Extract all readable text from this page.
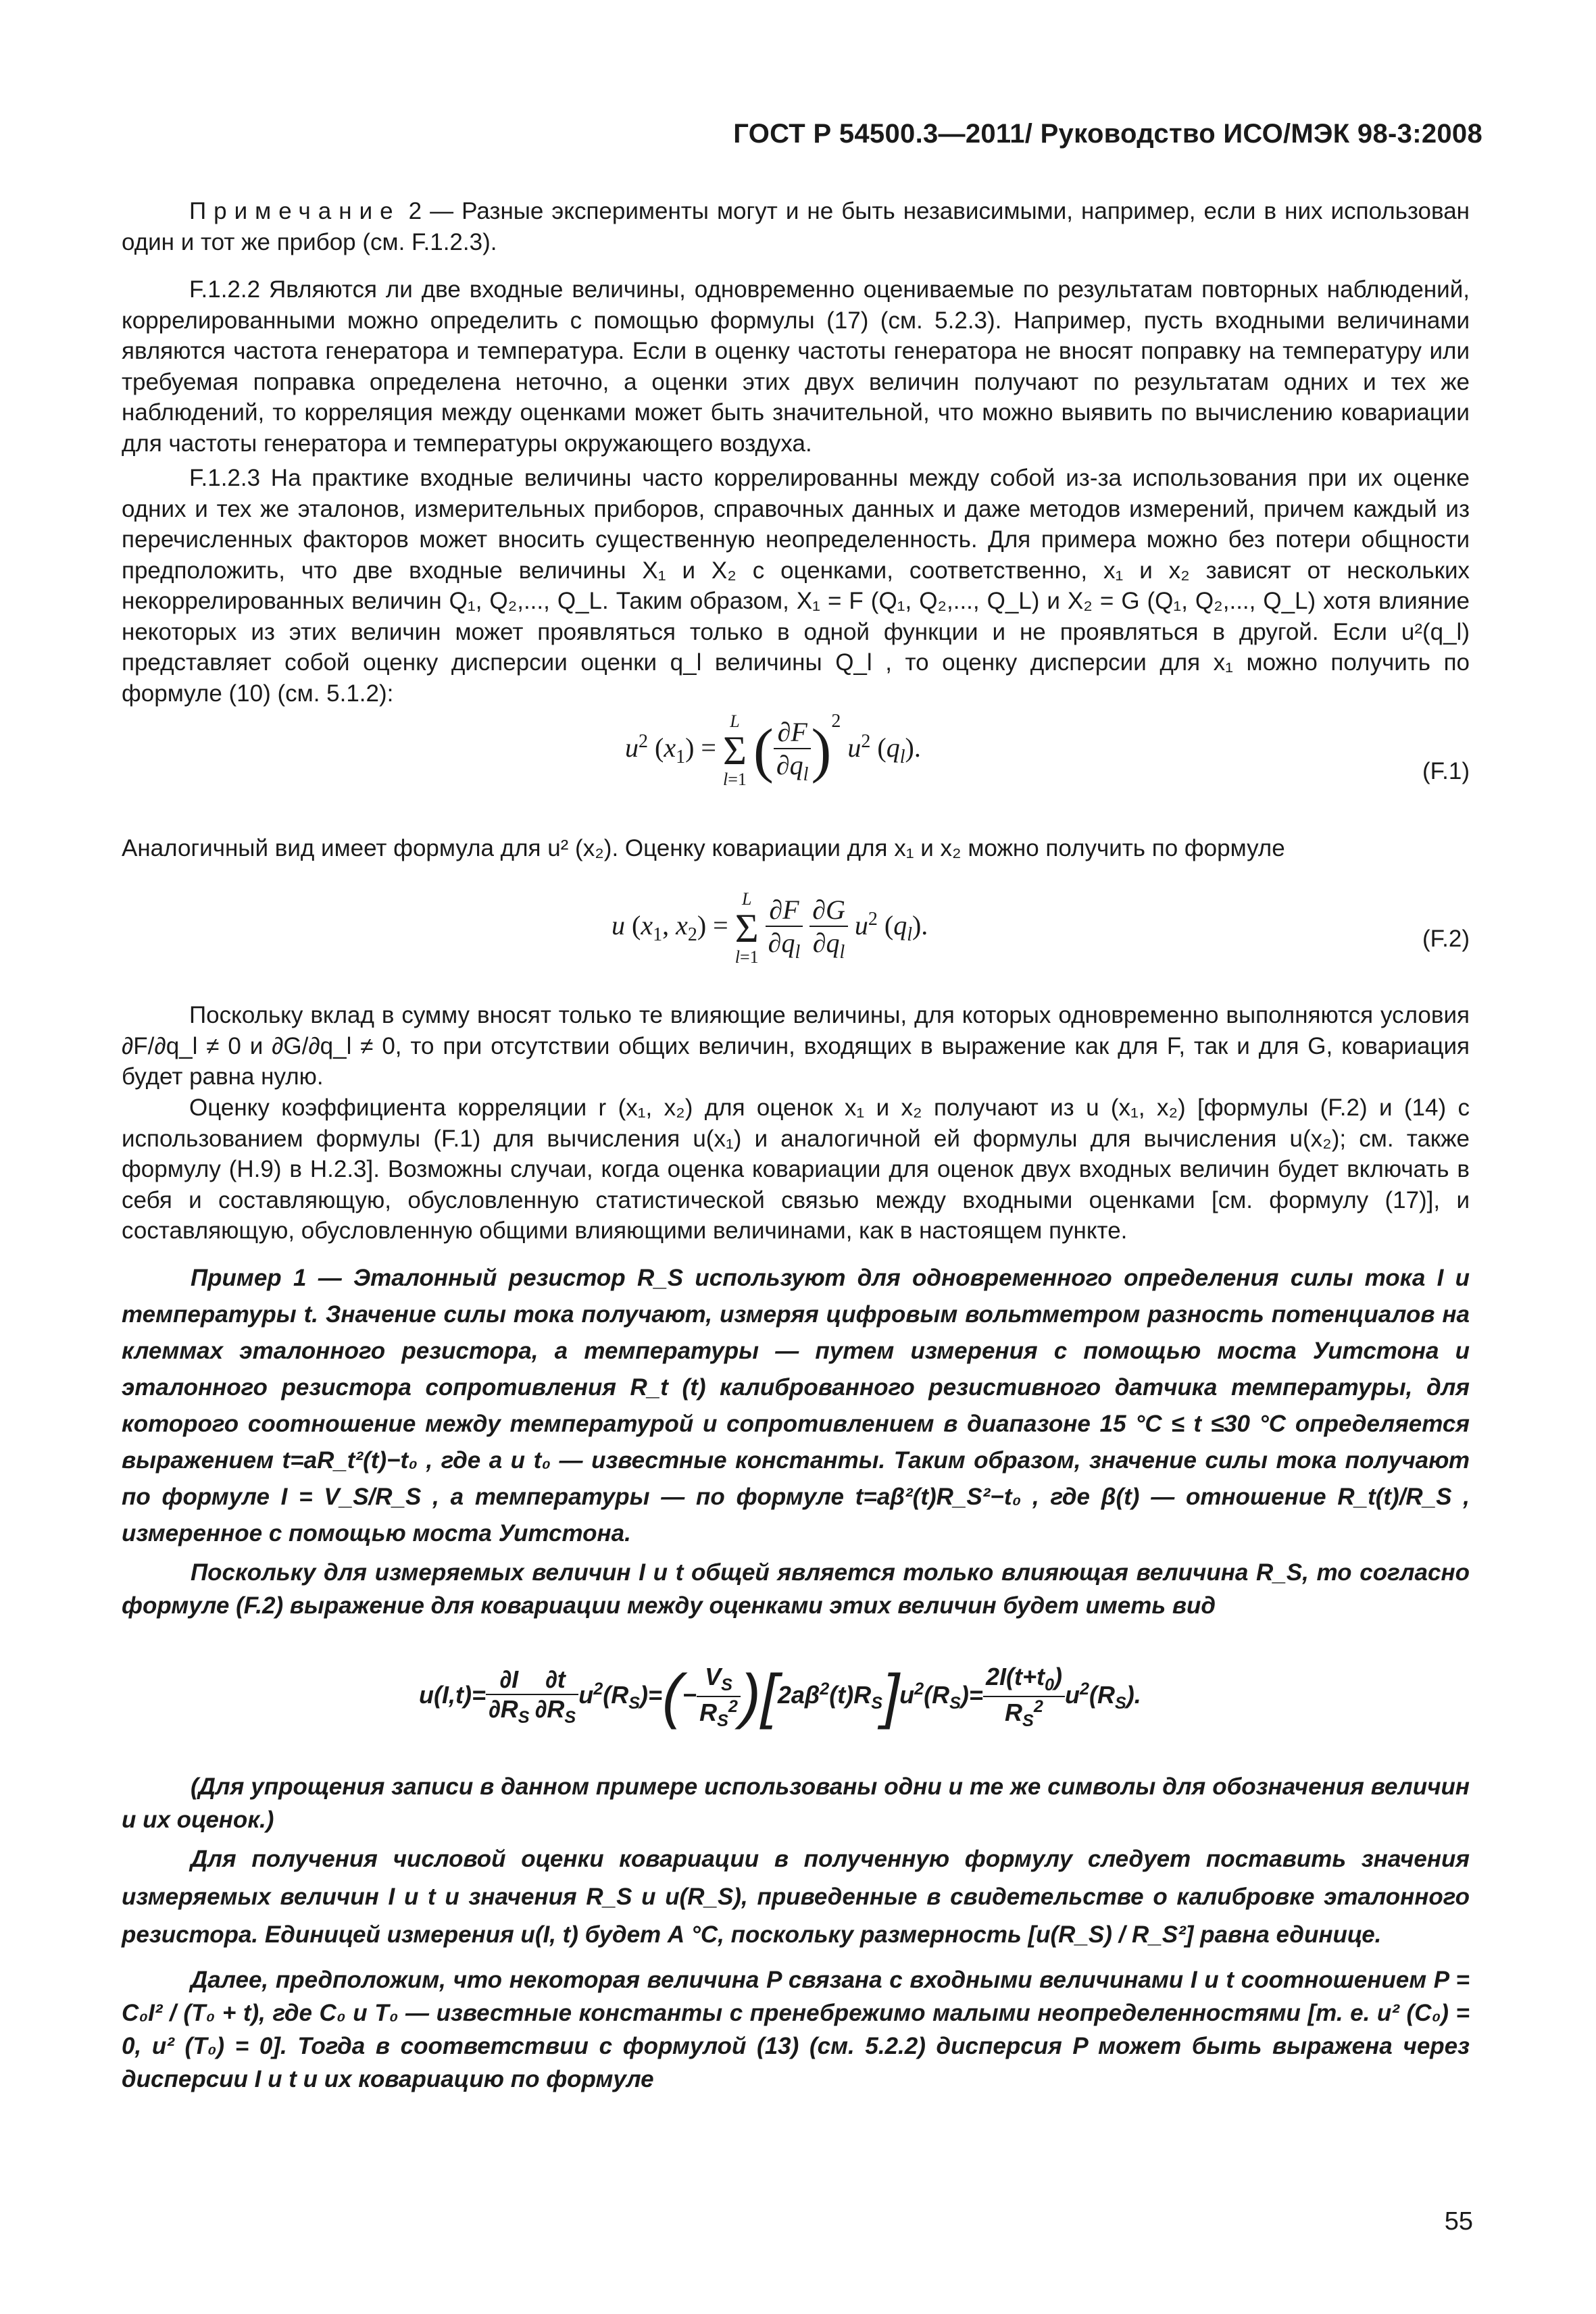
ГОСТ Р 54500.3—2011/ Руководство ИСО/МЭК 98-3:2008

Примечание 2 — Разные эксперименты могут и не быть независимыми, например, если в них использован один и тот же прибор (см. F.1.2.3).

F.1.2.2 Являются ли две входные величины, одновременно оцениваемые по результатам повторных наблюдений, коррелированными можно определить с помощью формулы (17) (см. 5.2.3). Например, пусть входными величинами являются частота генератора и температура. Если в оценку частоты генератора не вносят поправку на температуру или требуемая поправка определена неточно, а оценки этих двух величин получают по результатам одних и тех же наблюдений, то корреляция между оценками может быть значительной, что можно выявить по вычислению ковариации для частоты генератора и температуры окружающего воздуха.

F.1.2.3 На практике входные величины часто коррелированны между собой из-за использования при их оценке одних и тех же эталонов, измерительных приборов, справочных данных и даже методов измерений, причем каждый из перечисленных факторов может вносить существенную неопределенность. Для примера можно без потери общности предположить, что две входные величины X₁ и X₂ с оценками, соответственно, x₁ и x₂ зависят от нескольких некоррелированных величин Q₁, Q₂,..., Q_L. Таким образом, X₁ = F (Q₁, Q₂,..., Q_L) и X₂ = G (Q₁, Q₂,..., Q_L) хотя влияние некоторых из этих величин может проявляться только в одной функции и не проявляться в другой. Если u²(q_l) представляет собой оценку дисперсии оценки q_l величины Q_l , то оценку дисперсии для x₁ можно получить по формуле (10) (см. 5.1.2):

$u^2$ $(x_1)$ =
L
Σ
l=1 ( $\frac{\partial F}{\partial q_l} )^2$ $u^2$ $(q_l)$.
(F.1)

Аналогичный вид имеет формула для u² (x₂). Оценку ковариации для x₁ и x₂ можно получить по формуле

u ($x_1$, $x_2$) =
L
Σ
l=1
$\frac{\partial F}{\partial q_l}$
$\frac{\partial G}{\partial q_l} u^2$ $(q_l)$.	(F.2)

Поскольку вклад в сумму вносят только те влияющие величины, для которых одновременно выполняются условия ∂F/∂q_l ≠ 0 и ∂G/∂q_l ≠ 0, то при отсутствии общих величин, входящих в выражение как для F, так и для G, ковариация будет равна нулю.

Оценку коэффициента корреляции r (x₁, x₂) для оценок x₁ и x₂ получают из u (x₁, x₂) [формулы (F.2) и (14) с использованием формулы (F.1) для вычисления u(x₁) и аналогичной ей формулы для вычисления u(x₂); см. также формулу (H.9) в H.2.3]. Возможны случаи, когда оценка ковариации для оценок двух входных величин будет включать в себя и составляющую, обусловленную статистической связью между входными оценками [см. формулу (17)], и составляющую, обусловленную общими влияющими величинами, как в настоящем пункте.

Пример 1 — Эталонный резистор R_S используют для одновременного определения силы тока I и температуры t. Значение силы тока получают, измеряя цифровым вольтметром разность потенциалов на клеммах эталонного резистора, а температуры — путем измерения с помощью моста Уитстона и эталонного резистора сопротивления R_t (t) калиброванного резистивного датчика температуры, для которого соотношение между температурой и сопротивлением в диапазоне 15 °С ≤ t ≤30 °С определяется выражением t=aR_t²(t)−t₀ , где a и t₀ — известные константы. Таким образом, значение силы тока получают по формуле I = V_S/R_S , а температуры — по формуле t=aβ²(t)R_S²−t₀ , где β(t) — отношение R_t(t)/R_S , измеренное с помощью моста Уитстона.

Поскольку для измеряемых величин I и t общей является только влияющая величина R_S, то согласно формуле (F.2) выражение для ковариации между оценками этих величин будет иметь вид

$u(I,t)= \frac{\partial I}{\partial R_S} \frac{\partial t}{\partial R_S} u^2(R_S)=(- \frac{V_S}{R_S^2} )[2a\beta^2(t)R_S]u^2(R_S)= \frac{2I(t+t_0)}{R_S^2} u^2(R_S)$.

(Для упрощения записи в данном примере использованы одни и те же символы для обозначения величин и их оценок.)

Для получения числовой оценки ковариации в полученную формулу следует поставить значения измеряемых величин I и t и значения R_S и u(R_S), приведенные в свидетельстве о калибровке эталонного резистора. Единицей измерения u(I, t) будет А °С, поскольку размерность [u(R_S) / R_S²] равна единице.

Далее, предположим, что некоторая величина P связана с входными величинами I и t соотношением P = C₀I² / (T₀ + t), где C₀ и T₀ — известные константы с пренебрежимо малыми неопределенностями [т. е. u² (C₀) = 0, u² (T₀) = 0]. Тогда в соответствии с формулой (13) (см. 5.2.2) дисперсия P может быть выражена через дисперсии I и t и их ковариацию по формуле

55
